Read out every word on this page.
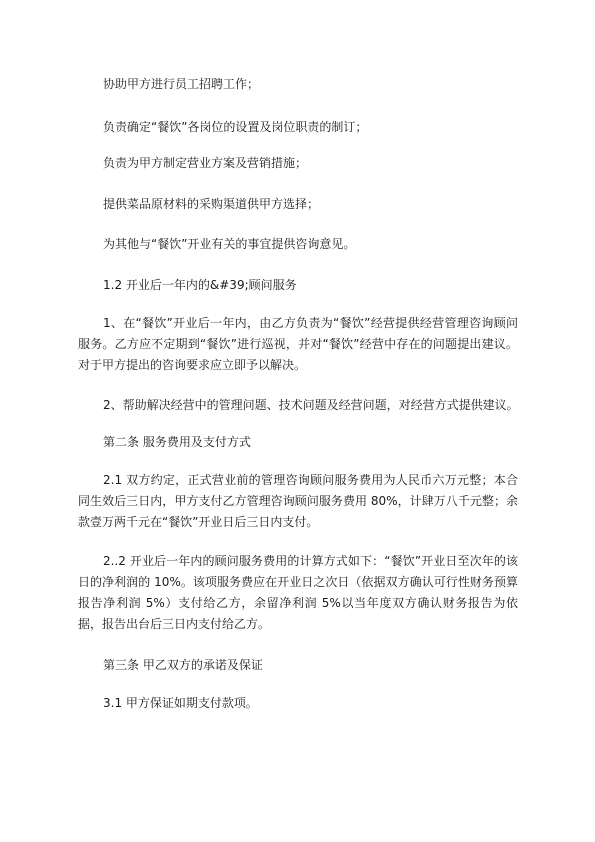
协助甲方进行员工招聘工作；
负责确定“餐饮”各岗位的设置及岗位职责的制订；
负责为甲方制定营业方案及营销措施；
提供菜品原材料的采购渠道供甲方选择；
为其他与“餐饮”开业有关的事宜提供咨询意见。
1.2 开业后一年内的&#39;顾问服务
1、在“餐饮”开业后一年内，由乙方负责为“餐饮”经营提供经营管理咨询顾问服务。乙方应不定期到“餐饮”进行巡视，并对“餐饮”经营中存在的问题提出建议。对于甲方提出的咨询要求应立即予以解决。
2、帮助解决经营中的管理问题、技术问题及经营问题，对经营方式提供建议。
第二条 服务费用及支付方式
2.1 双方约定，正式营业前的管理咨询顾问服务费用为人民币六万元整；本合同生效后三日内，甲方支付乙方管理咨询顾问服务费用 80%，计肆万八千元整；余款壹万两千元在“餐饮”开业日后三日内支付。
2..2 开业后一年内的顾问服务费用的计算方式如下：“餐饮”开业日至次年的该日的净利润的 10%。该项服务费应在开业日之次日（依据双方确认可行性财务预算报告净利润 5%）支付给乙方，余留净利润 5%以当年度双方确认财务报告为依据，报告出台后三日内支付给乙方。
第三条 甲乙双方的承诺及保证
3.1 甲方保证如期支付款项。
